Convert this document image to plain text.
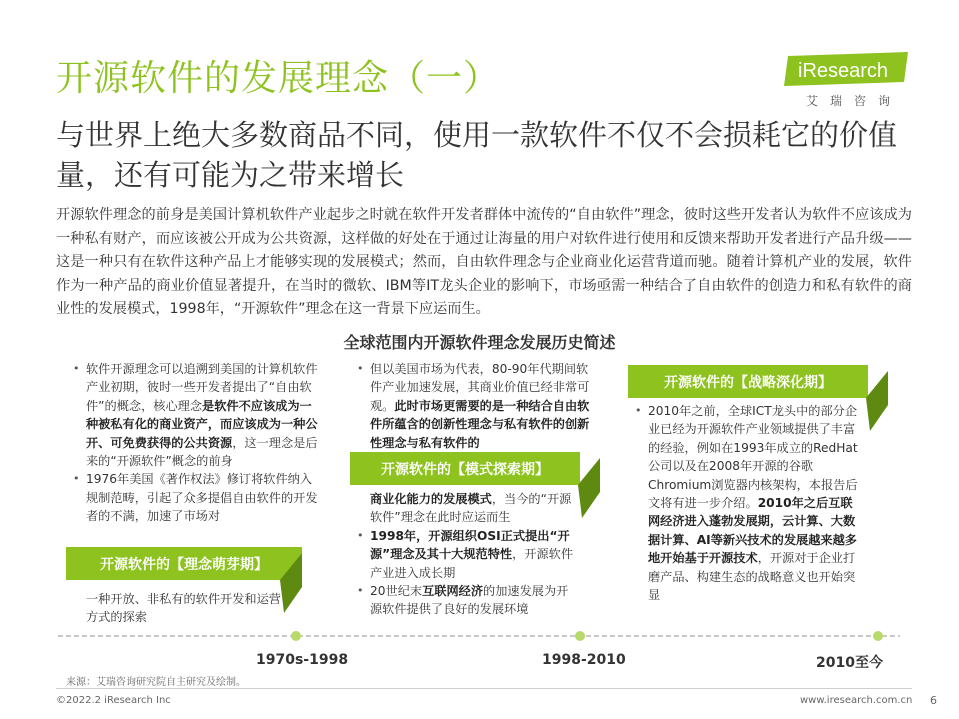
开源软件的发展理念（一）	iResearch
艾瑞咨询
与世界上绝大多数商品不同，使用一款软件不仅不会损耗它的价值量，还有可能为之带来增长
开源软件理念的前身是美国计算机软件产业起步之时就在软件开发者群体中流传的“自由软件”理念，彼时这些开发者认为软件不应该成为一种私有财产，而应该被公开成为公共资源，这样做的好处在于通过让海量的用户对软件进行使用和反馈来帮助开发者进行产品升级——这是一种只有在软件这种产品上才能够实现的发展模式；然而，自由软件理念与企业商业化运营背道而驰。随着计算机产业的发展，软件作为一种产品的商业价值显著提升，在当时的微软、IBM等IT龙头企业的影响下，市场亟需一种结合了自由软件的创造力和私有软件的商业性的发展模式，1998年，“开源软件”理念在这一背景下应运而生。
全球范围内开源软件理念发展历史简述
• 软件开源理念可以追溯到美国的计算机软件产业初期，彼时一些开发者提出了“自由软件”的概念，核心理念是软件不应该成为一种被私有化的商业资产，而应该成为一种公开、可免费获得的公共资源，这一理念是后来的“开源软件”概念的前身
• 1976年美国《著作权法》修订将软件纳入规制范畴，引起了众多提倡自由软件的开发者的不满，加速了市场对
开源软件的【理念萌芽期】

一种开放、非私有的软件开发和运营方式的探索

• 但以美国市场为代表，80-90年代期间软件产业加速发展，其商业价值已经非常可观。此时市场更需要的是一种结合自由软件所蕴含的创新性理念与私有软件的创新性理念与私有软件的
开源软件的【模式探索期】

商业化能力的发展模式，当今的“开源软件”理念在此时应运而生

• 1998年，开源组织OSI正式提出“开源”理念及其十大规范特性，开源软件产业进入成长期
• 20世纪末互联网经济的加速发展为开源软件提供了良好的发展环境
开源软件的【战略深化期】
• 2010年之前，全球ICT龙头中的部分企业已经为开源软件产业领域提供了丰富的经验，例如在1993年成立的RedHat公司以及在2008年开源的谷歌Chromium浏览器内核架构，本报告后文将有进一步介绍。2010年之后互联网经济进入蓬勃发展期，云计算、大数据计算、AI等新兴技术的发展越来越多地开始基于开源技术，开源对于企业打磨产品、构建生态的战略意义也开始突显
1970s-1998	1998-2010	2010至今
来源：艾瑞咨询研究院自主研究及绘制。
©2022.2 iResearch Inc	www.iresearch.com.cn 6
